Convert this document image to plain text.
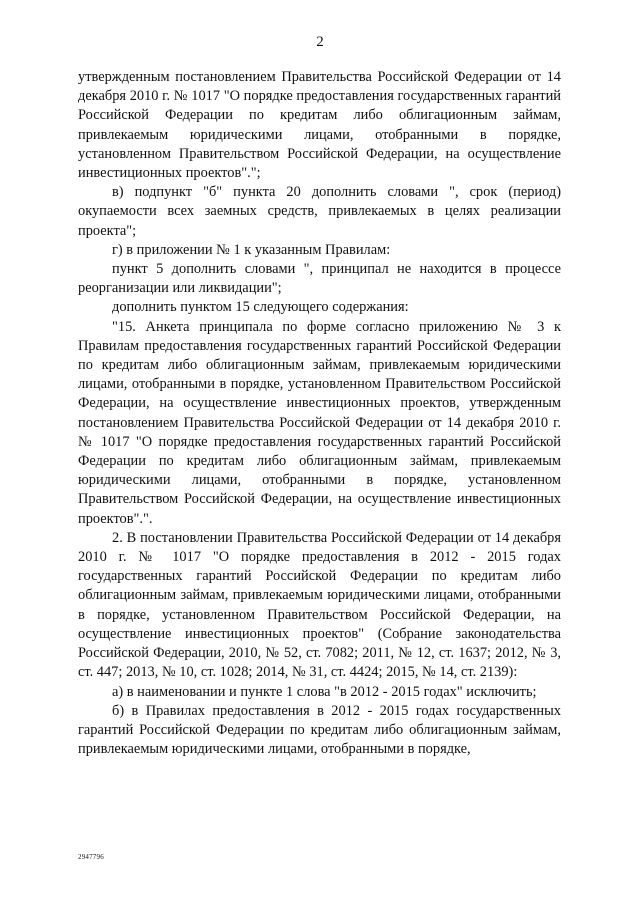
2

утвержденным постановлением Правительства Российской Федерации от 14 декабря 2010 г. № 1017 "О порядке предоставления государственных гарантий Российской Федерации по кредитам либо облигационным займам, привлекаемым юридическими лицами, отобранными в порядке, установленном Правительством Российской Федерации, на осуществление инвестиционных проектов".";

в) подпункт "б" пункта 20 дополнить словами ", срок (период) окупаемости всех заемных средств, привлекаемых в целях реализации проекта";

г) в приложении № 1 к указанным Правилам:

пункт 5 дополнить словами ", принципал не находится в процессе реорганизации или ликвидации";

дополнить пунктом 15 следующего содержания:

"15. Анкета принципала по форме согласно приложению № 3 к Правилам предоставления государственных гарантий Российской Федерации по кредитам либо облигационным займам, привлекаемым юридическими лицами, отобранными в порядке, установленном Правительством Российской Федерации, на осуществление инвестиционных проектов, утвержденным постановлением Правительства Российской Федерации от 14 декабря 2010 г. № 1017 "О порядке предоставления государственных гарантий Российской Федерации по кредитам либо облигационным займам, привлекаемым юридическими лицами, отобранными в порядке, установленном Правительством Российской Федерации, на осуществление инвестиционных проектов".".

2. В постановлении Правительства Российской Федерации от 14 декабря 2010 г. № 1017 "О порядке предоставления в 2012 - 2015 годах государственных гарантий Российской Федерации по кредитам либо облигационным займам, привлекаемым юридическими лицами, отобранными в порядке, установленном Правительством Российской Федерации, на осуществление инвестиционных проектов" (Собрание законодательства Российской Федерации, 2010, № 52, ст. 7082; 2011, № 12, ст. 1637; 2012, № 3, ст. 447; 2013, № 10, ст. 1028; 2014, № 31, ст. 4424; 2015, № 14, ст. 2139):

а) в наименовании и пункте 1 слова "в 2012 - 2015 годах" исключить;

б) в Правилах предоставления в 2012 - 2015 годах государственных гарантий Российской Федерации по кредитам либо облигационным займам, привлекаемым юридическими лицами, отобранными в порядке,

2947796
